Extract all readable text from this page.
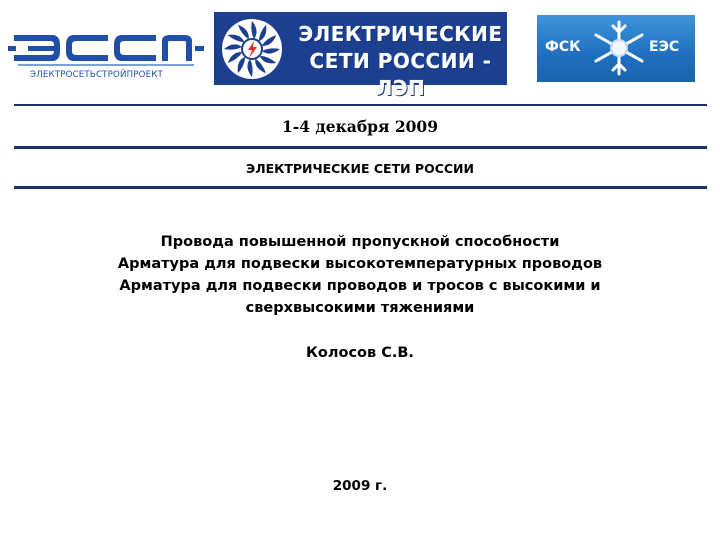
ЭЛЕКТРОСЕТЬСТРОЙПРОЕКТ
ЭЛЕКТРИЧЕСКИЕ
СЕТИ РОССИИ - ЛЭП
ФСК	ЕЭС
1-4 декабря 2009
ЭЛЕКТРИЧЕСКИЕ СЕТИ РОССИИ
Провода повышенной пропускной способности
Арматура для подвески высокотемпературных проводов
Арматура для подвески проводов и тросов с высокими и
сверхвысокими тяжениями
Колосов С.В.
2009 г.
